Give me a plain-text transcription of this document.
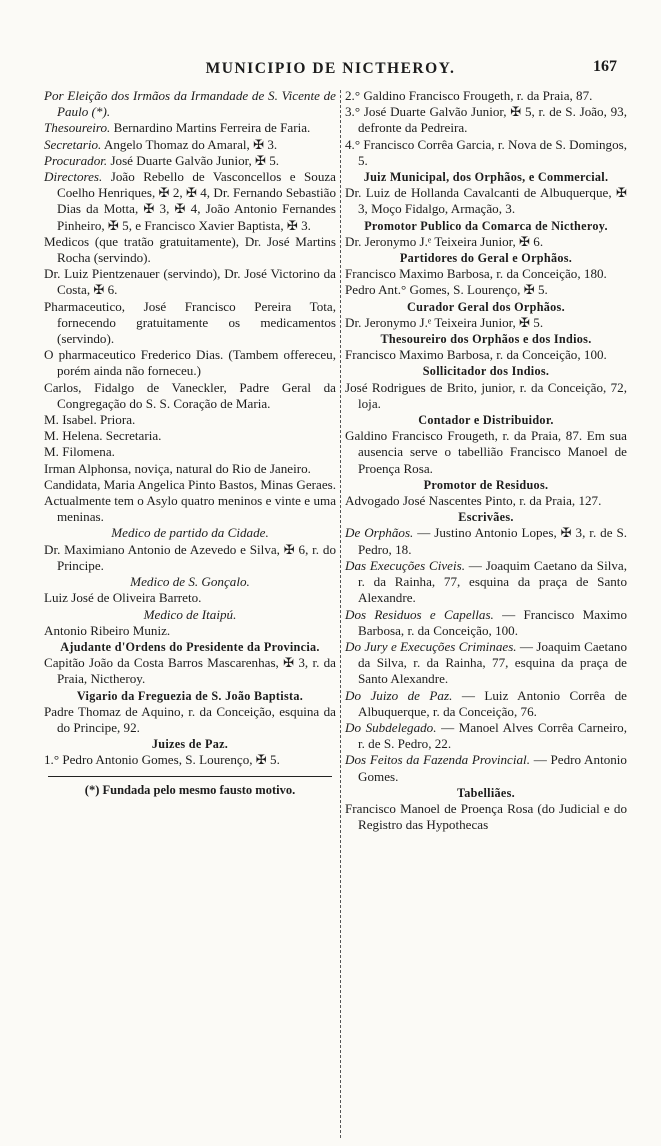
MUNICIPIO DE NICTHEROY.	167

Por Eleição dos Irmãos da Irmandade de S. Vicente de Paulo (*).

Thesoureiro. Bernardino Martins Ferreira de Faria.

Secretario. Angelo Thomaz do Amaral, ✠ 3.

Procurador. José Duarte Galvão Junior, ✠ 5.

Directores. João Rebello de Vasconcellos e Souza Coelho Henriques, ✠ 2, ✠ 4, Dr. Fernando Sebastião Dias da Motta, ✠ 3, ✠ 4, João Antonio Fernandes Pinheiro, ✠ 5, e Francisco Xavier Baptista, ✠ 3.

Medicos (que tratão gratuitamente), Dr. José Martins Rocha (servindo).

Dr. Luiz Pientzenauer (servindo), Dr. José Victorino da Costa, ✠ 6.

Pharmaceutico, José Francisco Pereira Tota, fornecendo gratuitamente os medicamentos (servindo).

O pharmaceutico Frederico Dias. (Tambem offereceu, porém ainda não forneceu.)

Carlos, Fidalgo de Vaneckler, Padre Geral da Congregação do S. S. Coração de Maria.

M. Isabel. Priora.

M. Helena. Secretaria.

M. Filomena.

Irman Alphonsa, noviça, natural do Rio de Janeiro.

Candidata, Maria Angelica Pinto Bastos, Minas Geraes.

Actualmente tem o Asylo quatro meninos e vinte e uma meninas.

Medico de partido da Cidade.

Dr. Maximiano Antonio de Azevedo e Silva, ✠ 6, r. do Principe.

Medico de S. Gonçalo.

Luiz José de Oliveira Barreto.

Medico de Itaipú.

Antonio Ribeiro Muniz.

Ajudante d'Ordens do Presidente da Provincia.

Capitão João da Costa Barros Mascarenhas, ✠ 3, r. da Praia, Nictheroy.

Vigario da Freguezia de S. João Baptista.

Padre Thomaz de Aquino, r. da Conceição, esquina da do Principe, 92.

Juizes de Paz.

1.° Pedro Antonio Gomes, S. Lourenço, ✠ 5.

(*) Fundada pelo mesmo fausto motivo.

2.° Galdino Francisco Frougeth, r. da Praia, 87.

3.° José Duarte Galvão Junior, ✠ 5, r. de S. João, 93, defronte da Pedreira.

4.° Francisco Corrêa Garcia, r. Nova de S. Domingos, 5.

Juiz Municipal, dos Orphãos, e Commercial.

Dr. Luiz de Hollanda Cavalcanti de Albuquerque, ✠ 3, Moço Fidalgo, Armação, 3.

Promotor Publico da Comarca de Nictheroy.

Dr. Jeronymo J.ᵉ Teixeira Junior, ✠ 6.

Partidores do Geral e Orphãos.

Francisco Maximo Barbosa, r. da Conceição, 180.

Pedro Ant.° Gomes, S. Lourenço, ✠ 5.

Curador Geral dos Orphãos.

Dr. Jeronymo J.ᵉ Teixeira Junior, ✠ 5.

Thesoureiro dos Orphãos e dos Indios.

Francisco Maximo Barbosa, r. da Conceição, 100.

Sollicitador dos Indios.

José Rodrigues de Brito, junior, r. da Conceição, 72, loja.

Contador e Distribuidor.

Galdino Francisco Frougeth, r. da Praia, 87. Em sua ausencia serve o tabellião Francisco Manoel de Proença Rosa.

Promotor de Residuos.

Advogado José Nascentes Pinto, r. da Praia, 127.

Escrivães.

De Orphãos. — Justino Antonio Lopes, ✠ 3, r. de S. Pedro, 18.

Das Execuções Civeis. — Joaquim Caetano da Silva, r. da Rainha, 77, esquina da praça de Santo Alexandre.

Dos Residuos e Capellas. — Francisco Maximo Barbosa, r. da Conceição, 100.

Do Jury e Execuções Criminaes. — Joaquim Caetano da Silva, r. da Rainha, 77, esquina da praça de Santo Alexandre.

Do Juizo de Paz. — Luiz Antonio Corrêa de Albuquerque, r. da Conceição, 76.

Do Subdelegado. — Manoel Alves Corrêa Carneiro, r. de S. Pedro, 22.

Dos Feitos da Fazenda Provincial. — Pedro Antonio Gomes.

Tabelliães.

Francisco Manoel de Proença Rosa (do Judicial e do Registro das Hypothecas
